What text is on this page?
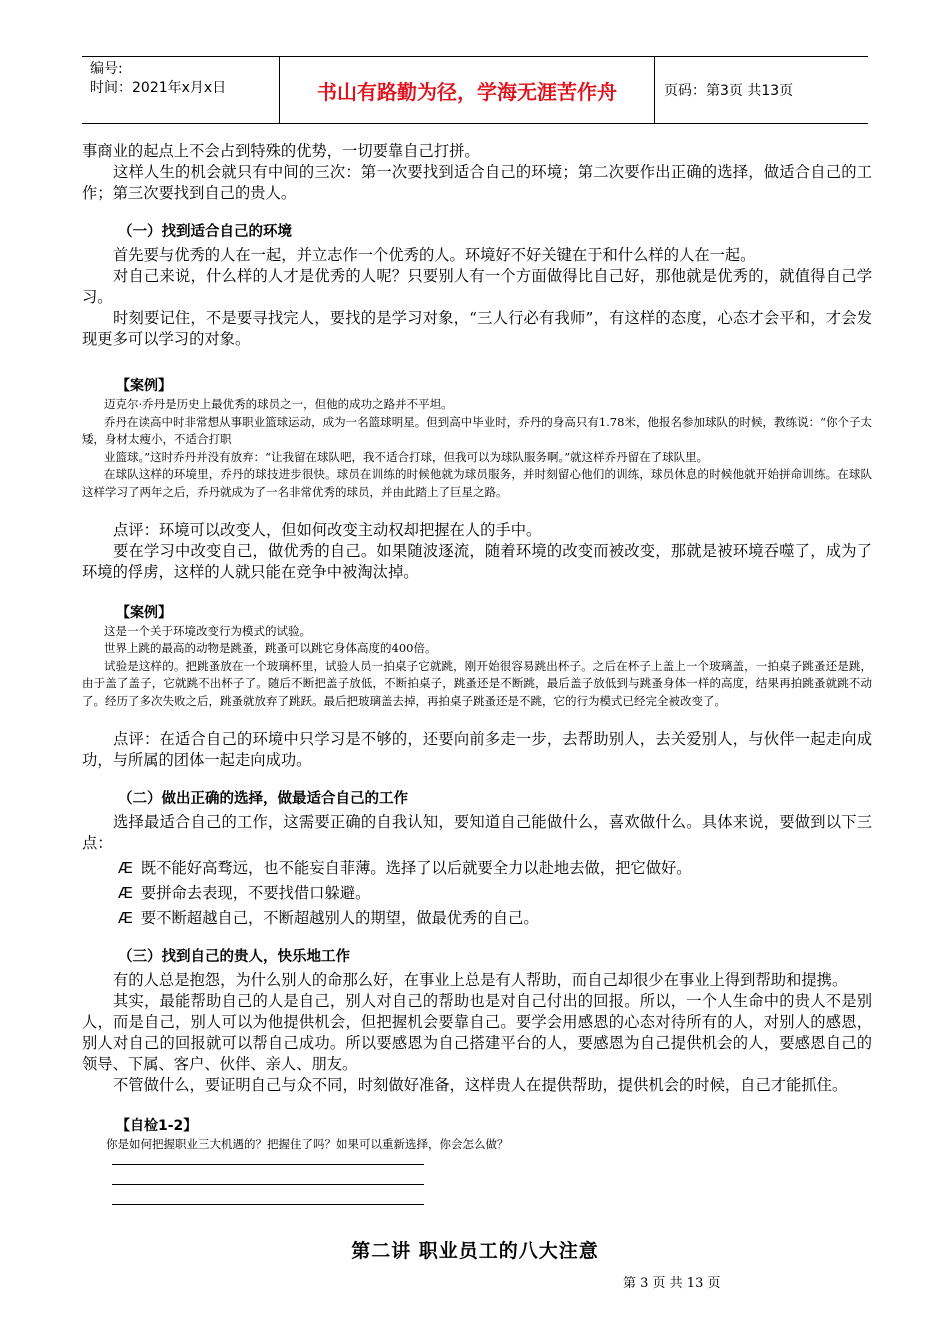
编号:
时间：2021年x月x日	书山有路勤为径，学海无涯苦作舟	页码：第3页 共13页

事商业的起点上不会占到特殊的优势，一切要靠自己打拼。

这样人生的机会就只有中间的三次：第一次要找到适合自己的环境；第二次要作出正确的选择，做适合自己的工作；第三次要找到自己的贵人。

（一）找到适合自己的环境

首先要与优秀的人在一起，并立志作一个优秀的人。环境好不好关键在于和什么样的人在一起。

对自己来说，什么样的人才是优秀的人呢？只要别人有一个方面做得比自己好，那他就是优秀的，就值得自己学习。

时刻要记住，不是要寻找完人，要找的是学习对象，“三人行必有我师”，有这样的态度，心态才会平和，才会发现更多可以学习的对象。

【案例】

迈克尔·乔丹是历史上最优秀的球员之一，但他的成功之路并不平坦。

乔丹在读高中时非常想从事职业篮球运动，成为一名篮球明星。但到高中毕业时，乔丹的身高只有1.78米，他报名参加球队的时候，教练说：“你个子太矮，身材太瘦小，不适合打职

业篮球。”这时乔丹并没有放弃：“让我留在球队吧，我不适合打球，但我可以为球队服务啊。”就这样乔丹留在了球队里。

在球队这样的环境里，乔丹的球技进步很快。球员在训练的时候他就为球员服务，并时刻留心他们的训练，球员休息的时候他就开始拼命训练。在球队这样学习了两年之后，乔丹就成为了一名非常优秀的球员，并由此踏上了巨星之路。

点评：环境可以改变人，但如何改变主动权却把握在人的手中。

要在学习中改变自己，做优秀的自己。如果随波逐流，随着环境的改变而被改变，那就是被环境吞噬了，成为了环境的俘虏，这样的人就只能在竞争中被淘汰掉。

【案例】

这是一个关于环境改变行为模式的试验。

世界上跳的最高的动物是跳蚤，跳蚤可以跳它身体高度的400倍。

试验是这样的。把跳蚤放在一个玻璃杯里，试验人员一拍桌子它就跳，刚开始很容易跳出杯子。之后在杯子上盖上一个玻璃盖，一拍桌子跳蚤还是跳，由于盖了盖子，它就跳不出杯子了。随后不断把盖子放低，不断拍桌子，跳蚤还是不断跳，最后盖子放低到与跳蚤身体一样的高度，结果再拍跳蚤就跳不动了。经历了多次失败之后，跳蚤就放弃了跳跃。最后把玻璃盖去掉，再拍桌子跳蚤还是不跳，它的行为模式已经完全被改变了。

点评：在适合自己的环境中只学习是不够的，还要向前多走一步，去帮助别人，去关爱别人，与伙伴一起走向成功，与所属的团体一起走向成功。

（二）做出正确的选择，做最适合自己的工作

选择最适合自己的工作，这需要正确的自我认知，要知道自己能做什么，喜欢做什么。具体来说，要做到以下三点：

Æ 既不能好高骛远，也不能妄自菲薄。选择了以后就要全力以赴地去做，把它做好。
Æ 要拼命去表现，不要找借口躲避。
Æ 要不断超越自己，不断超越别人的期望，做最优秀的自己。
（三）找到自己的贵人，快乐地工作

有的人总是抱怨，为什么别人的命那么好，在事业上总是有人帮助，而自己却很少在事业上得到帮助和提携。

其实，最能帮助自己的人是自己，别人对自己的帮助也是对自己付出的回报。所以，一个人生命中的贵人不是别人，而是自己，别人可以为他提供机会，但把握机会要靠自己。要学会用感恩的心态对待所有的人，对别人的感恩，别人对自己的回报就可以帮自己成功。所以要感恩为自己搭建平台的人，要感恩为自己提供机会的人，要感恩自己的领导、下属、客户、伙伴、亲人、朋友。

不管做什么，要证明自己与众不同，时刻做好准备，这样贵人在提供帮助，提供机会的时候，自己才能抓住。

【自检1-2】

你是如何把握职业三大机遇的？把握住了吗？如果可以重新选择，你会怎么做？

第二讲 职业员工的八大注意
第 3 页 共 13 页
